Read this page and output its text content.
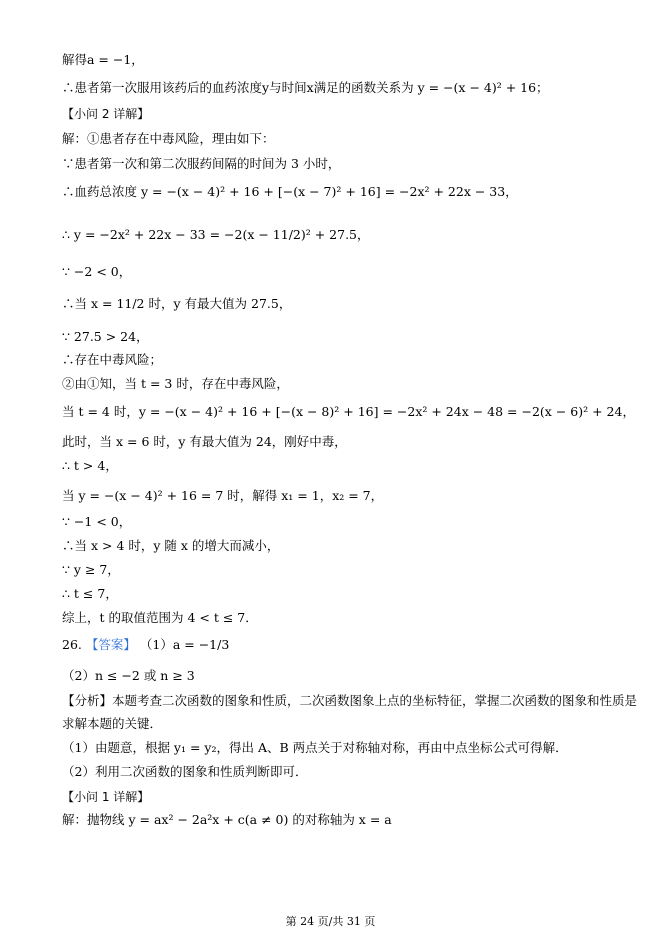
解得a = −1，
∴患者第一次服用该药后的血药浓度y与时间x满足的函数关系为 y = −(x − 4)² + 16；
【小问 2 详解】
解：①患者存在中毒风险，理由如下：
∵患者第一次和第二次服药间隔的时间为 3 小时，
∴血药总浓度 y = −(x − 4)² + 16 + [−(x − 7)² + 16] = −2x² + 22x − 33，
∴ y = −2x² + 22x − 33 = −2(x − 11/2)² + 27.5，
∵ −2 < 0，
∴当 x = 11/2 时，y 有最大值为 27.5，
∵ 27.5 > 24，
∴存在中毒风险；
②由①知，当 t = 3 时，存在中毒风险，
当 t = 4 时，y = −(x − 4)² + 16 + [−(x − 8)² + 16] = −2x² + 24x − 48 = −2(x − 6)² + 24，
此时，当 x = 6 时，y 有最大值为 24，刚好中毒，
∴ t > 4，
当 y = −(x − 4)² + 16 = 7 时，解得 x₁ = 1，x₂ = 7，
∵ −1 < 0，
∴当 x > 4 时，y 随 x 的增大而减小，
∵ y ≥ 7，
∴ t ≤ 7，
综上，t 的取值范围为 4 < t ≤ 7．
26. 【答案】 （1）a = −1/3
（2）n ≤ −2 或 n ≥ 3
【分析】本题考查二次函数的图象和性质，二次函数图象上点的坐标特征，掌握二次函数的图象和性质是
求解本题的关键．
（1）由题意，根据 y₁ = y₂，得出 A、B 两点关于对称轴对称，再由中点坐标公式可得解．
（2）利用二次函数的图象和性质判断即可．
【小问 1 详解】
解：抛物线 y = ax² − 2a²x + c(a ≠ 0) 的对称轴为 x = a
第 24 页/共 31 页
